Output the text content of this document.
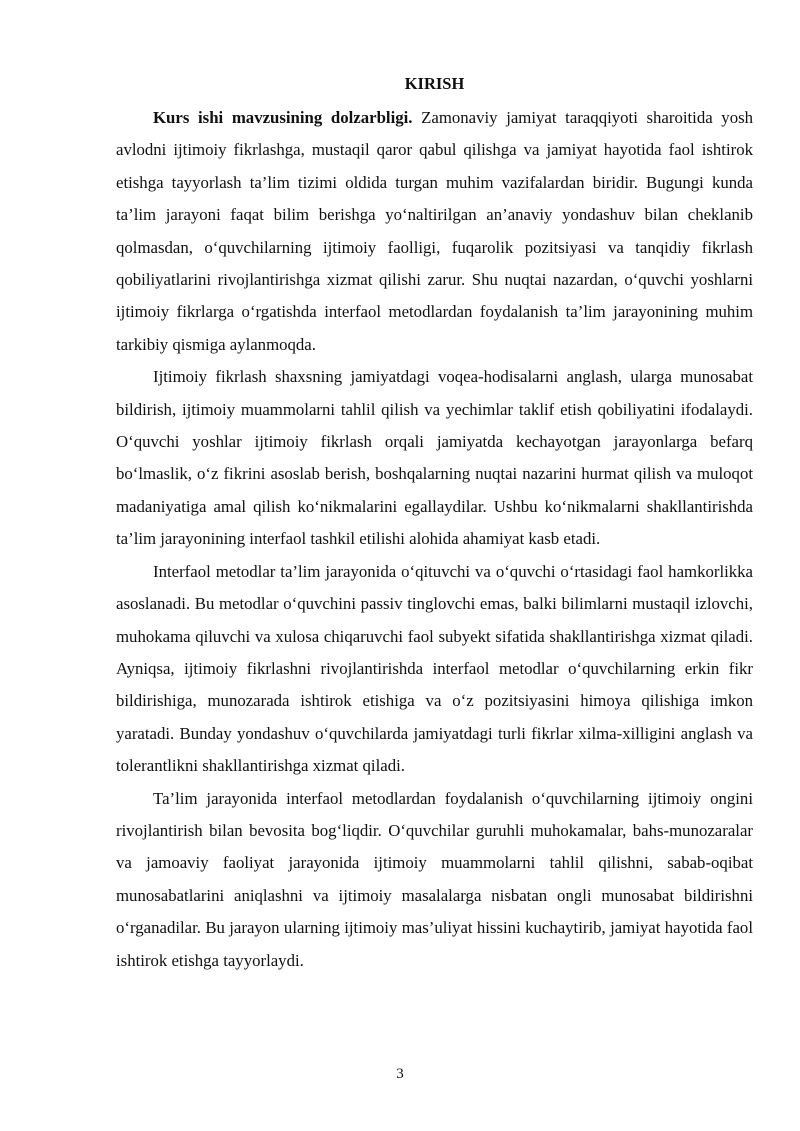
KIRISH

Kurs ishi mavzusining dolzarbligi. Zamonaviy jamiyat taraqqiyoti sharoitida yosh avlodni ijtimoiy fikrlashga, mustaqil qaror qabul qilishga va jamiyat hayotida faol ishtirok etishga tayyorlash ta’lim tizimi oldida turgan muhim vazifalardan biridir. Bugungi kunda ta’lim jarayoni faqat bilim berishga yo‘naltirilgan an’anaviy yondashuv bilan cheklanib qolmasdan, o‘quvchilarning ijtimoiy faolligi, fuqarolik pozitsiyasi va tanqidiy fikrlash qobiliyatlarini rivojlantirishga xizmat qilishi zarur. Shu nuqtai nazardan, o‘quvchi yoshlarni ijtimoiy fikrlarga o‘rgatishda interfaol metodlardan foydalanish ta’lim jarayonining muhim tarkibiy qismiga aylanmoqda.

Ijtimoiy fikrlash shaxsning jamiyatdagi voqea-hodisalarni anglash, ularga munosabat bildirish, ijtimoiy muammolarni tahlil qilish va yechimlar taklif etish qobiliyatini ifodalaydi. O‘quvchi yoshlar ijtimoiy fikrlash orqali jamiyatda kechayotgan jarayonlarga befarq bo‘lmaslik, o‘z fikrini asoslab berish, boshqalarning nuqtai nazarini hurmat qilish va muloqot madaniyatiga amal qilish ko‘nikmalarini egallaydilar. Ushbu ko‘nikmalarni shakllantirishda ta’lim jarayonining interfaol tashkil etilishi alohida ahamiyat kasb etadi.

Interfaol metodlar ta’lim jarayonida o‘qituvchi va o‘quvchi o‘rtasidagi faol hamkorlikka asoslanadi. Bu metodlar o‘quvchini passiv tinglovchi emas, balki bilimlarni mustaqil izlovchi, muhokama qiluvchi va xulosa chiqaruvchi faol subyekt sifatida shakllantirishga xizmat qiladi. Ayniqsa, ijtimoiy fikrlashni rivojlantirishda interfaol metodlar o‘quvchilarning erkin fikr bildirishiga, munozarada ishtirok etishiga va o‘z pozitsiyasini himoya qilishiga imkon yaratadi. Bunday yondashuv o‘quvchilarda jamiyatdagi turli fikrlar xilma-xilligini anglash va tolerantlikni shakllantirishga xizmat qiladi.

Ta’lim jarayonida interfaol metodlardan foydalanish o‘quvchilarning ijtimoiy ongini rivojlantirish bilan bevosita bog‘liqdir. O‘quvchilar guruhli muhokamalar, bahs-munozaralar va jamoaviy faoliyat jarayonida ijtimoiy muammolarni tahlil qilishni, sabab-oqibat munosabatlarini aniqlashni va ijtimoiy masalalarga nisbatan ongli munosabat bildirishni o‘rganadilar. Bu jarayon ularning ijtimoiy mas’uliyat hissini kuchaytirib, jamiyat hayotida faol ishtirok etishga tayyorlaydi.

3
